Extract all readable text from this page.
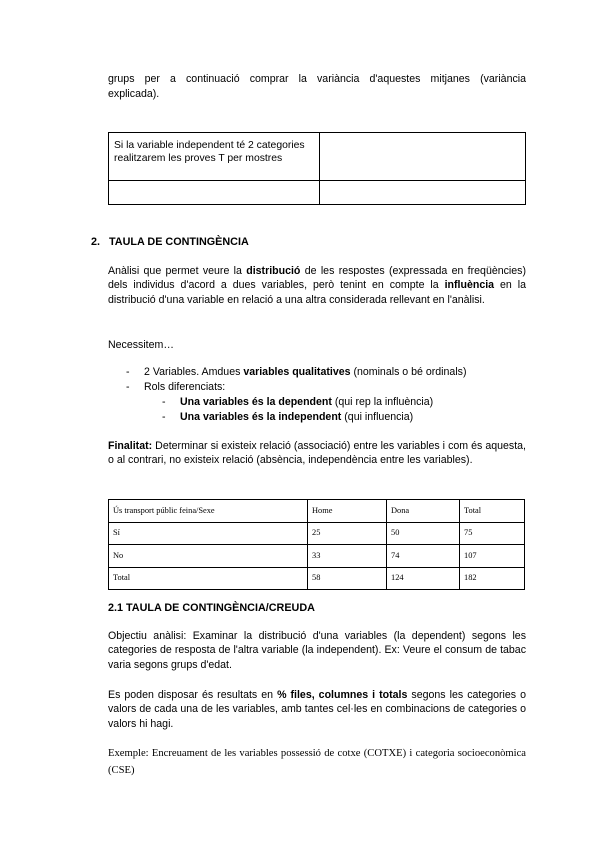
grups per a continuació comprar la variància d'aquestes mitjanes (variància
explicada).
Si la variable independent té 2 categories realitzarem les proves T per mostres	

2. TAULA DE CONTINGÈNCIA
Anàlisi que permet veure la distribució de les respostes (expressada en freqüències) dels individus d'acord a dues variables, però tenint en compte la influència en la distribució d'una variable en relació a una altra considerada rellevant en l'anàlisi.
Necessitem…
- 2 Variables. Amdues variables qualitatives (nominals o bé ordinals)
- Rols diferenciats:
- Una variables és la dependent (qui rep la influència)
- Una variables és la independent (qui influencia)
Finalitat: Determinar si existeix relació (associació) entre les variables i com és aquesta, o al contrari, no existeix relació (absència, independència entre les variables).
Ús transport públic feina/Sexe	Home	Dona	Total
Sí	25	50	75
No	33	74	107
Total	58	124	182
2.1 TAULA DE CONTINGÈNCIA/CREUDA
Objectiu anàlisi: Examinar la distribució d'una variables (la dependent) segons les categories de resposta de l'altra variable (la independent). Ex: Veure el consum de tabac varia segons grups d'edat.
Es poden disposar és resultats en % files, columnes i totals segons les categories o valors de cada una de les variables, amb tantes cel·les en combinacions de categories o valors hi hagi.
Exemple: Encreuament de les variables possessió de cotxe (COTXE) i categoria socioeconòmica (CSE)
